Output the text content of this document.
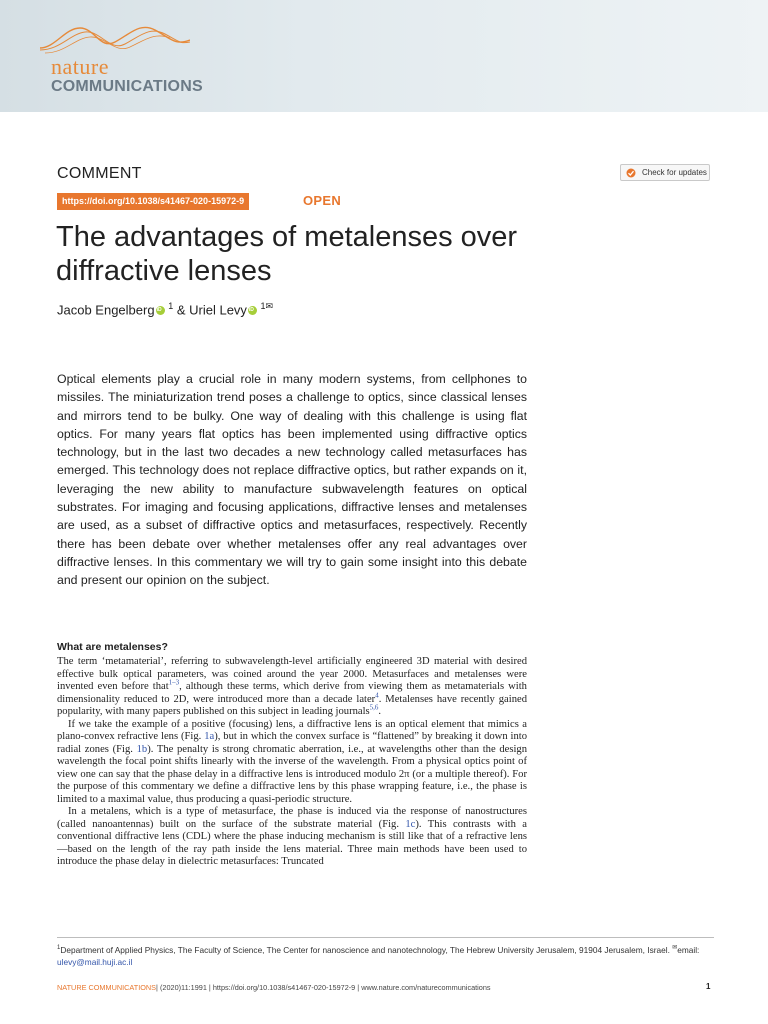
nature
COMMUNICATIONS
COMMENT	Check for updates
https://doi.org/10.1038/s41467-020-15972-9	OPEN
The advantages of metalenses over diffractive lenses
Jacob Engelberg iD $^1$ & Uriel Levy iD $^{1✉}$

Optical elements play a crucial role in many modern systems, from cellphones to missiles. The miniaturization trend poses a challenge to optics, since classical lenses and mirrors tend to be bulky. One way of dealing with this challenge is using flat optics. For many years flat optics has been implemented using diffractive optics technology, but in the last two decades a new technology called metasurfaces has emerged. This technology does not replace diffractive optics, but rather expands on it, leveraging the new ability to manufacture subwavelength features on optical substrates. For imaging and focusing applications, diffractive lenses and metalenses are used, as a subset of diffractive optics and metasurfaces, respectively. Recently there has been debate over whether metalenses offer any real advantages over diffractive lenses. In this commentary we will try to gain some insight into this debate and present our opinion on the subject.

What are metalenses?

The term ‘metamaterial’, referring to subwavelength-level artificially engineered 3D material with desired effective bulk optical parameters, was coined around the year 2000. Metasurfaces and metalenses were invented even before that$^{1-3}$, although these terms, which derive from viewing them as metamaterials with dimensionality reduced to 2D, were introduced more than a decade later$^4$. Metalenses have recently gained popularity, with many papers published on this subject in leading journals$^{5,6}$.

If we take the example of a positive (focusing) lens, a diffractive lens is an optical element that mimics a plano-convex refractive lens (Fig. 1a), but in which the convex surface is “flattened” by breaking it down into radial zones (Fig. 1b). The penalty is strong chromatic aberration, i.e., at wavelengths other than the design wavelength the focal point shifts linearly with the inverse of the wavelength. From a physical optics point of view one can say that the phase delay in a diffractive lens is introduced modulo 2π (or a multiple thereof). For the purpose of this commentary we define a diffractive lens by this phase wrapping feature, i.e., the phase is limited to a maximal value, thus producing a quasi-periodic structure.

In a metalens, which is a type of metasurface, the phase is induced via the response of nanostructures (called nanoantennas) built on the surface of the substrate material (Fig. 1c). This contrasts with a conventional diffractive lens (CDL) where the phase inducing mechanism is still like that of a refractive lens—based on the length of the ray path inside the lens material. Three main methods have been used to introduce the phase delay in dielectric metasurfaces: Truncated

$^1$Department of Applied Physics, The Faculty of Science, The Center for nanoscience and nanotechnology, The Hebrew University Jerusalem, 91904 Jerusalem, Israel. ✉email: ulevy@mail.huji.ac.il
NATURE COMMUNICATIONS| (2020)11:1991 | https://doi.org/10.1038/s41467-020-15972-9 | www.nature.com/naturecommunications	1
